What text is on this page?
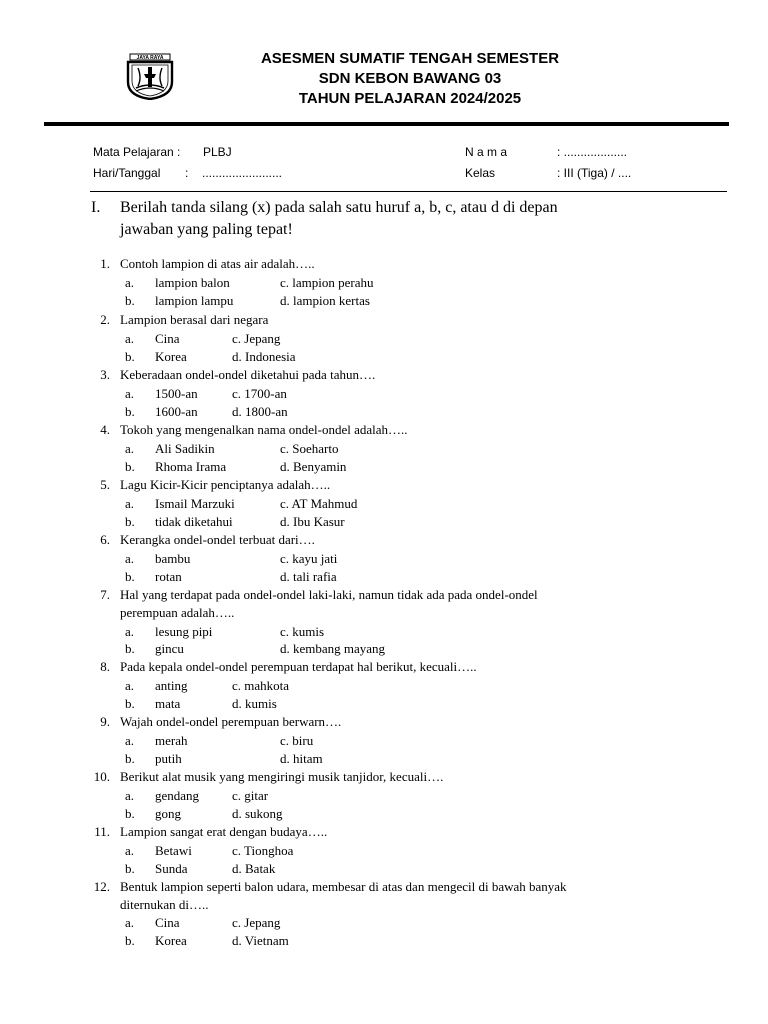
JAYA RAYA	ASESMEN SUMATIF TENGAH SEMESTER
SDN KEBON BAWANG 03
TAHUN PELAJARAN 2024/2025
Mata Pelajaran : PLBJ
Hari/Tanggal : ........................
N a m a	: ...................
Kelas	: III (Tiga) / ....
I. Berilah tanda silang (x) pada salah satu huruf a, b, c, atau d di depan
jawaban yang paling tepat!
1. Contoh lampion di atas air adalah…..
a. lampion balon	c. lampion perahu
b. lampion lampu	d. lampion kertas
2. Lampion berasal dari negara
a. Cina	c. Jepang
b. Korea	d. Indonesia
3. Keberadaan ondel-ondel diketahui pada tahun….
a. 1500-an	c. 1700-an
b. 1600-an	d. 1800-an
4. Tokoh yang mengenalkan nama ondel-ondel adalah…..
a. Ali Sadikin	c. Soeharto
b. Rhoma Irama	d. Benyamin
5. Lagu Kicir-Kicir penciptanya adalah…..
a. Ismail Marzuki	c. AT Mahmud
b. tidak diketahui	d. Ibu Kasur
6. Kerangka ondel-ondel terbuat dari….
a. bambu	c. kayu jati
b. rotan	d. tali rafia
7. Hal yang terdapat pada ondel-ondel laki-laki, namun tidak ada pada ondel-ondel
perempuan adalah…..
a. lesung pipi	c. kumis
b. gincu	d. kembang mayang
8. Pada kepala ondel-ondel perempuan terdapat hal berikut, kecuali…..
a. anting	c. mahkota
b. mata	d. kumis
9. Wajah ondel-ondel perempuan berwarn….
a. merah	c. biru
b. putih	d. hitam
10. Berikut alat musik yang mengiringi musik tanjidor, kecuali….
a. gendang	c. gitar
b. gong	d. sukong
11. Lampion sangat erat dengan budaya…..
a. Betawi	c. Tionghoa
b. Sunda	d. Batak
12. Bentuk lampion seperti balon udara, membesar di atas dan mengecil di bawah banyak
diternukan di…..
a. Cina	c. Jepang
b. Korea	d. Vietnam
